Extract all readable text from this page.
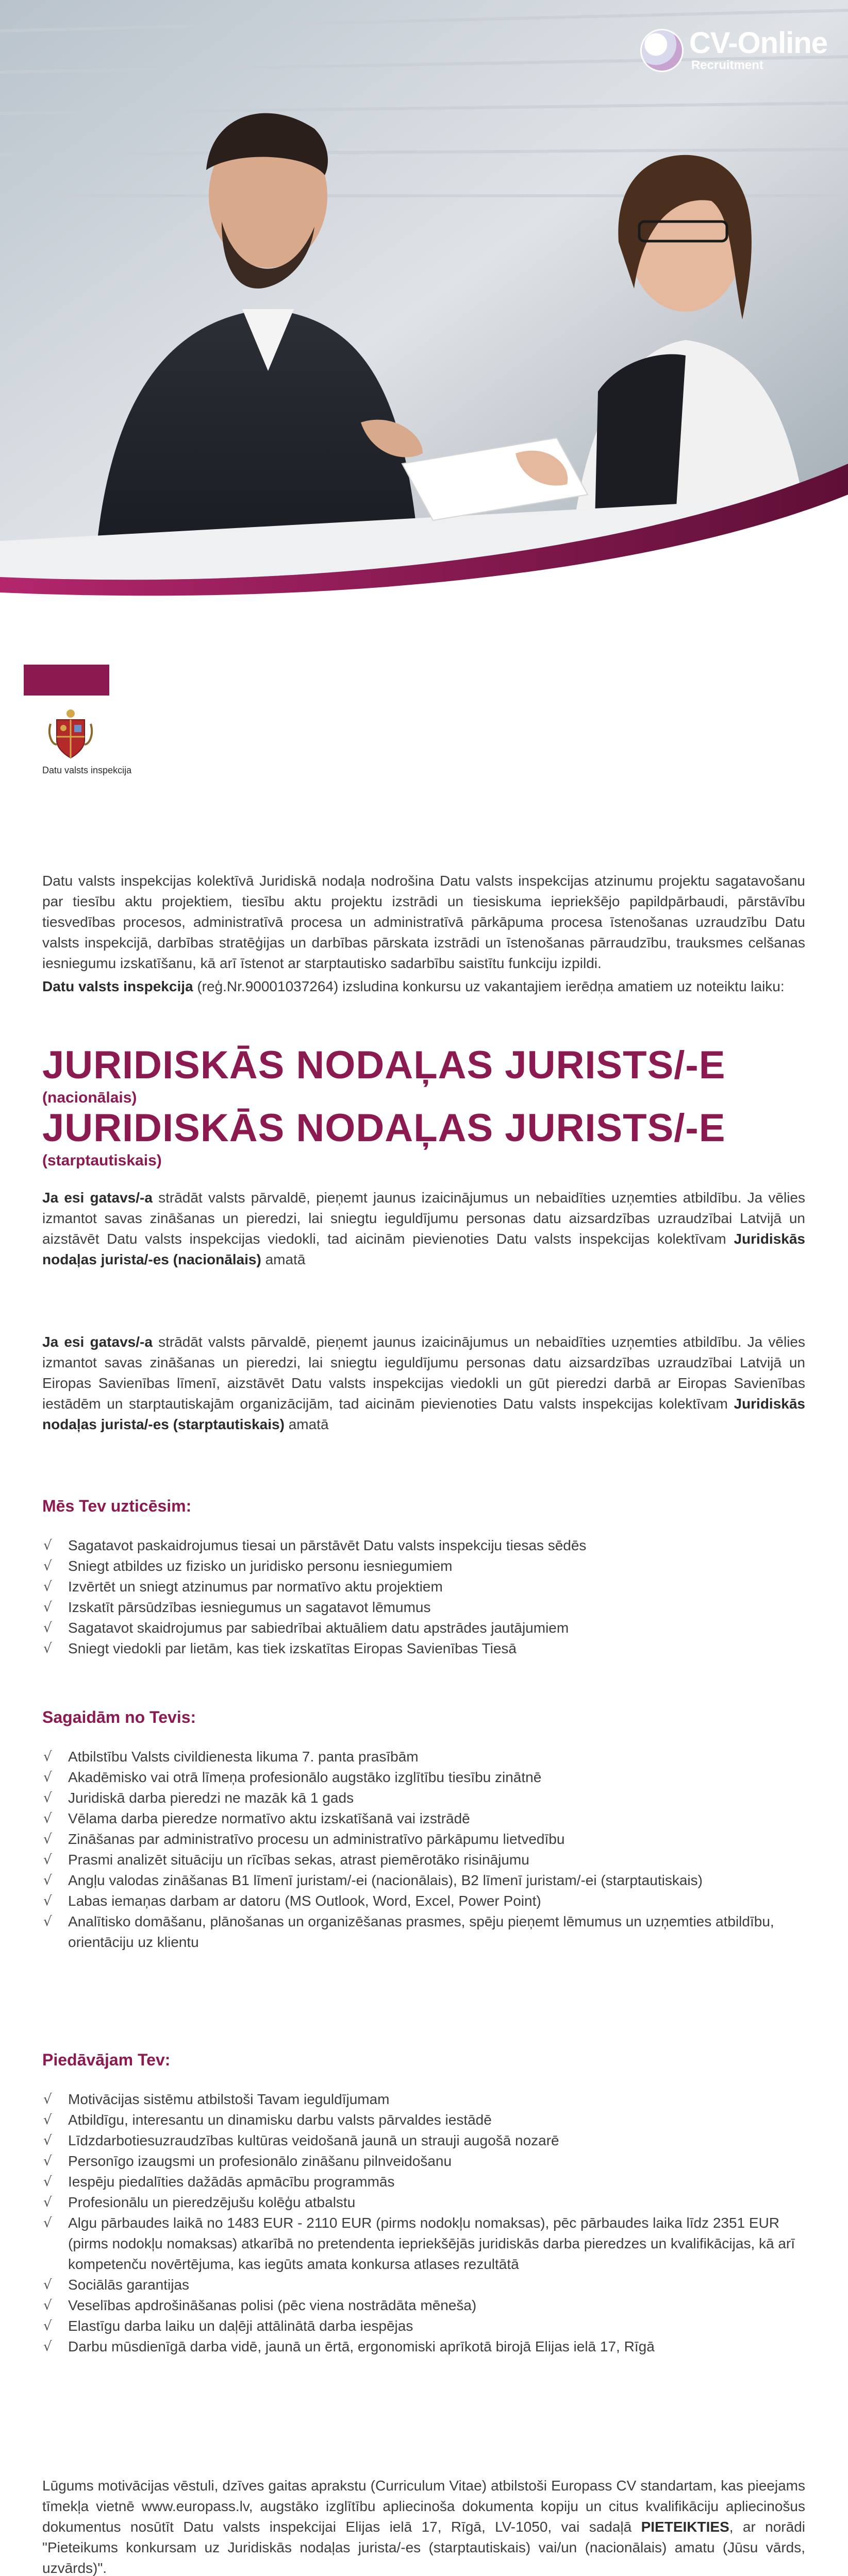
CV-Online
Recruitment
Datu valsts inspekcija

Datu valsts inspekcijas kolektīvā Juridiskā nodaļa nodrošina Datu valsts inspekcijas atzinumu projektu sagatavošanu par tiesību aktu projektiem, tiesību aktu projektu izstrādi un tiesiskuma iepriekšējo papildpārbaudi, pārstāvību tiesvedības procesos, administratīvā procesa un administratīvā pārkāpuma procesa īstenošanas uzraudzību Datu valsts inspekcijā, darbības stratēģijas un darbības pārskata izstrādi un īstenošanas pārraudzību, trauksmes celšanas iesniegumu izskatīšanu, kā arī īstenot ar starptautisko sadarbību saistītu funkciju izpildi.

Datu valsts inspekcija (reģ.Nr.90001037264) izsludina konkursu uz vakantajiem ierēdņa amatiem uz noteiktu laiku:

JURIDISKĀS NODAĻAS JURISTS/-E
(nacionālais)
JURIDISKĀS NODAĻAS JURISTS/-E
(starptautiskais)

Ja esi gatavs/-a strādāt valsts pārvaldē, pieņemt jaunus izaicinājumus un nebaidīties uzņemties atbildību. Ja vēlies izmantot savas zināšanas un pieredzi, lai sniegtu ieguldījumu personas datu aizsardzības uzraudzībai Latvijā un aizstāvēt Datu valsts inspekcijas viedokli, tad aicinām pievienoties Datu valsts inspekcijas kolektīvam Juridiskās nodaļas jurista/-es (nacionālais) amatā

Ja esi gatavs/-a strādāt valsts pārvaldē, pieņemt jaunus izaicinājumus un nebaidīties uzņemties atbildību. Ja vēlies izmantot savas zināšanas un pieredzi, lai sniegtu ieguldījumu personas datu aizsardzības uzraudzībai Latvijā un Eiropas Savienības līmenī, aizstāvēt Datu valsts inspekcijas viedokli un gūt pieredzi darbā ar Eiropas Savienības iestādēm un starptautiskajām organizācijām, tad aicinām pievienoties Datu valsts inspekcijas kolektīvam Juridiskās nodaļas jurista/-es (starptautiskais) amatā

Mēs Tev uzticēsim:
√ Sagatavot paskaidrojumus tiesai un pārstāvēt Datu valsts inspekciju tiesas sēdēs
√ Sniegt atbildes uz fizisko un juridisko personu iesniegumiem
√ Izvērtēt un sniegt atzinumus par normatīvo aktu projektiem
√ Izskatīt pārsūdzības iesniegumus un sagatavot lēmumus
√ Sagatavot skaidrojumus par sabiedrībai aktuāliem datu apstrādes jautājumiem
√ Sniegt viedokli par lietām, kas tiek izskatītas Eiropas Savienības Tiesā
Sagaidām no Tevis:
√ Atbilstību Valsts civildienesta likuma 7. panta prasībām
√ Akadēmisko vai otrā līmeņa profesionālo augstāko izglītību tiesību zinātnē
√ Juridiskā darba pieredzi ne mazāk kā 1 gads
√ Vēlama darba pieredze normatīvo aktu izskatīšanā vai izstrādē
√ Zināšanas par administratīvo procesu un administratīvo pārkāpumu lietvedību
√ Prasmi analizēt situāciju un rīcības sekas, atrast piemērotāko risinājumu
√ Angļu valodas zināšanas B1 līmenī juristam/-ei (nacionālais), B2 līmenī juristam/-ei (starptautiskais)
√ Labas iemaņas darbam ar datoru (MS Outlook, Word, Excel, Power Point)
√ Analītisko domāšanu, plānošanas un organizēšanas prasmes, spēju pieņemt lēmumus un uzņemties atbildību, orientāciju uz klientu
Piedāvājam Tev:
√ Motivācijas sistēmu atbilstoši Tavam ieguldījumam
√ Atbildīgu, interesantu un dinamisku darbu valsts pārvaldes iestādē
√ Līdzdarbotiesuzraudzības kultūras veidošanā jaunā un strauji augošā nozarē
√ Personīgo izaugsmi un profesionālo zināšanu pilnveidošanu
√ Iespēju piedalīties dažādās apmācību programmās
√ Profesionālu un pieredzējušu kolēģu atbalstu
√ Algu pārbaudes laikā no 1483 EUR - 2110 EUR (pirms nodokļu nomaksas), pēc pārbaudes laika līdz 2351 EUR (pirms nodokļu nomaksas) atkarībā no pretendenta iepriekšējās juridiskās darba pieredzes un kvalifikācijas, kā arī kompetenču novērtējuma, kas iegūts amata konkursa atlases rezultātā
√ Sociālās garantijas
√ Veselības apdrošināšanas polisi (pēc viena nostrādāta mēneša)
√ Elastīgu darba laiku un daļēji attālinātā darba iespējas
√ Darbu mūsdienīgā darba vidē, jaunā un ērtā, ergonomiski aprīkotā birojā Elijas ielā 17, Rīgā

Lūgums motivācijas vēstuli, dzīves gaitas aprakstu (Curriculum Vitae) atbilstoši Europass CV standartam, kas pieejams tīmekļa vietnē www.europass.lv, augstāko izglītību apliecinoša dokumenta kopiju un citus kvalifikāciju apliecinošus dokumentus nosūtīt Datu valsts inspekcijai Elijas ielā 17, Rīgā, LV-1050, vai sadaļā PIETEIKTIES, ar norādi "Pieteikums konkursam uz Juridiskās nodaļas jurista/-es (starptautiskais) vai/un (nacionālais) amatu (Jūsu vārds, uzvārds)".
